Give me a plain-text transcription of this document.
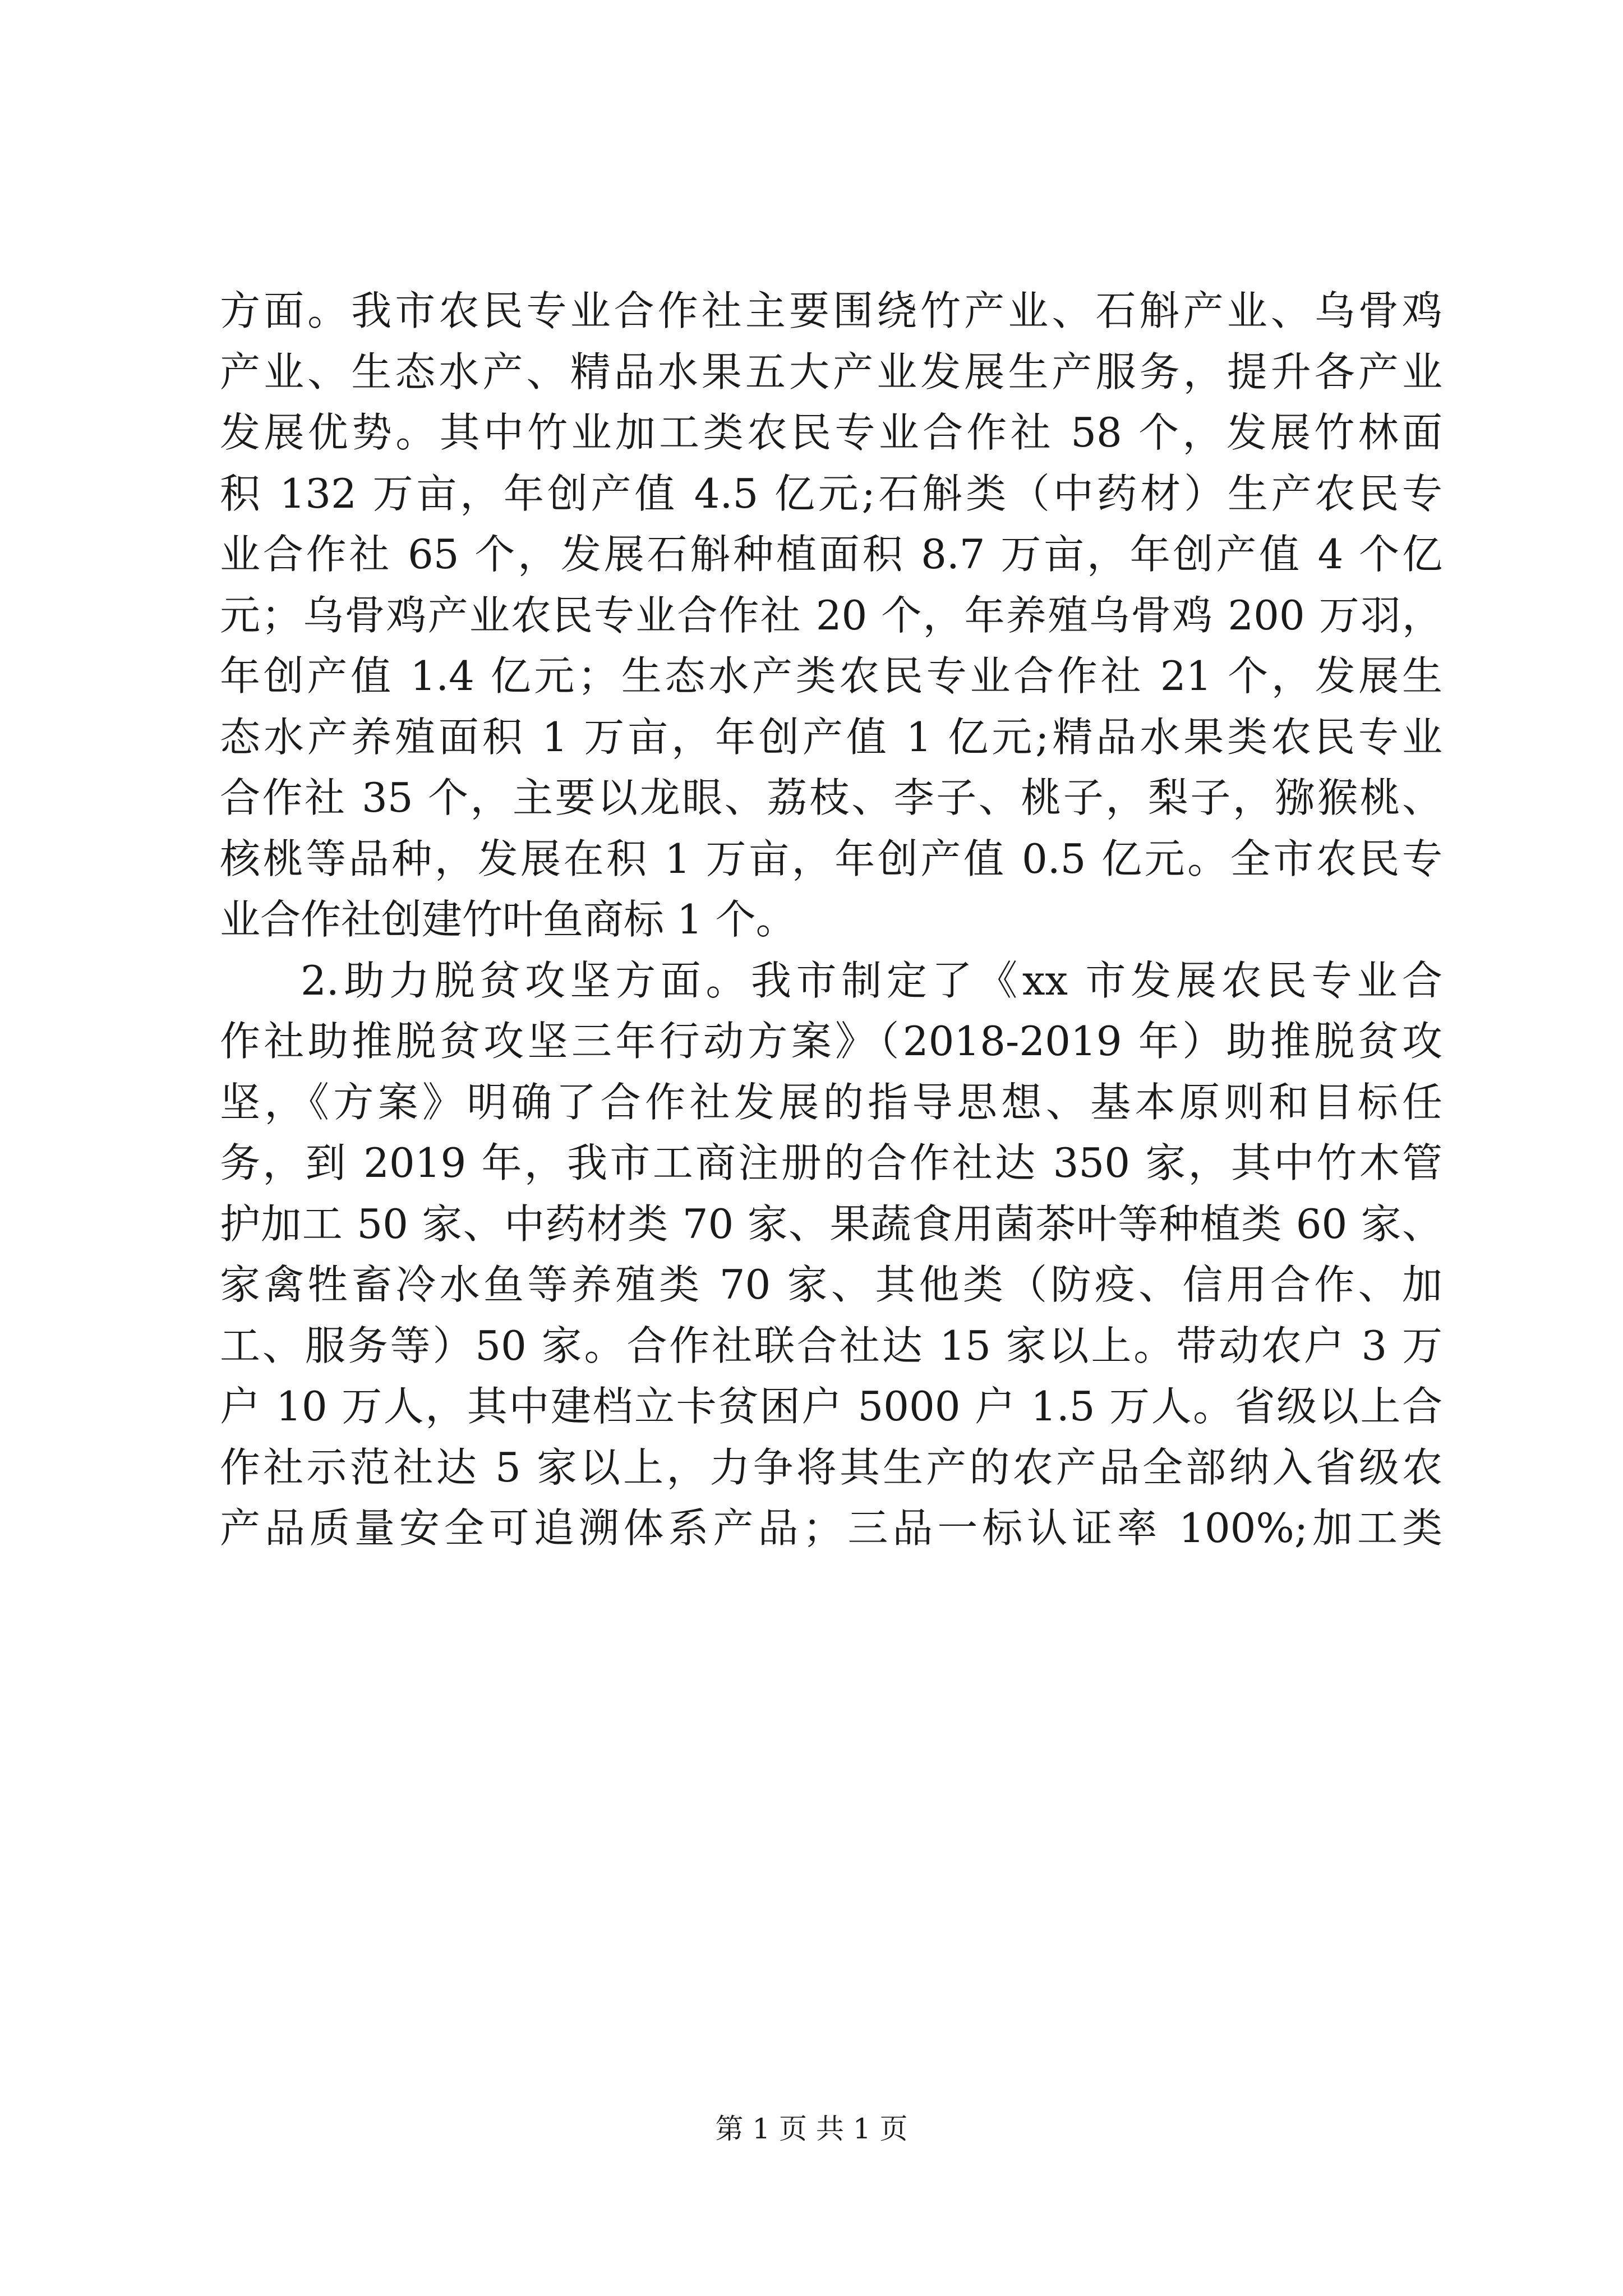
方面。我市农民专业合作社主要围绕竹产业、石斛产业、乌骨鸡
产业、生态水产、精品水果五大产业发展生产服务，提升各产业
发展优势。其中竹业加工类农民专业合作社 58 个，发展竹林面
积 132 万亩，年创产值 4.5 亿元;石斛类（中药材）生产农民专
业合作社 65 个，发展石斛种植面积 8.7 万亩，年创产值 4 个亿
元；乌骨鸡产业农民专业合作社 20 个，年养殖乌骨鸡 200 万羽，
年创产值 1.4 亿元；生态水产类农民专业合作社 21 个，发展生
态水产养殖面积 1 万亩，年创产值 1 亿元;精品水果类农民专业
合作社 35 个，主要以龙眼、荔枝、李子、桃子，梨子，猕猴桃、
核桃等品种，发展在积 1 万亩，年创产值 0.5 亿元。全市农民专
业合作社创建竹叶鱼商标 1 个。
2.助力脱贫攻坚方面。我市制定了《xx 市发展农民专业合
作社助推脱贫攻坚三年行动方案》（2018-2019 年）助推脱贫攻
坚，《方案》明确了合作社发展的指导思想、基本原则和目标任
务，到 2019 年，我市工商注册的合作社达 350 家，其中竹木管
护加工 50 家、中药材类 70 家、果蔬食用菌茶叶等种植类 60 家、
家禽牲畜冷水鱼等养殖类 70 家、其他类（防疫、信用合作、加
工、服务等）50 家。合作社联合社达 15 家以上。带动农户 3 万
户 10 万人，其中建档立卡贫困户 5000 户 1.5 万人。省级以上合
作社示范社达 5 家以上，力争将其生产的农产品全部纳入省级农
产品质量安全可追溯体系产品；三品一标认证率 100%;加工类
第 1 页 共 1 页
